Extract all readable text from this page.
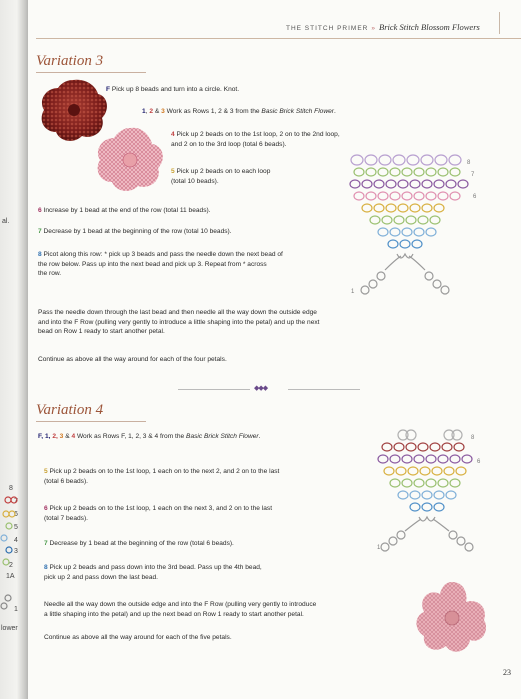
al.
8
7
6
5
4
3
2
1A
1
lower
THE STITCH PRIMER » Brick Stitch Blossom Flowers
Variation 3
F Pick up 8 beads and turn into a circle. Knot.
1, 2 & 3 Work as Rows 1, 2 & 3 from the Basic Brick Stitch Flower.
4 Pick up 2 beads on to the 1st loop, 2 on to the 2nd loop,
and 2 on to the 3rd loop (total 6 beads).
5 Pick up 2 beads on to each loop
(total 10 beads).
6 Increase by 1 bead at the end of the row (total 11 beads).
7 Decrease by 1 bead at the beginning of the row (total 10 beads).
8 Picot along this row: * pick up 3 beads and pass the needle down the next bead of
the row below. Pass up into the next bead and pick up 3. Repeat from * across
the row.
Pass the needle down through the last bead and then needle all the way down the outside edge
and into the F Row (pulling very gently to introduce a little shaping into the petal) and up the next
bead on Row 1 ready to start another petal.
Continue as above all the way around for each of the four petals.
8
7
6
1
◆◆◆
Variation 4
F, 1, 2, 3 & 4 Work as Rows F, 1, 2, 3 & 4 from the Basic Brick Stitch Flower.
5 Pick up 2 beads on to the 1st loop, 1 each on to the next 2, and 2 on to the last
(total 6 beads).
6 Pick up 2 beads on to the 1st loop, 1 each on the next 3, and 2 on to the last
(total 7 beads).
7 Decrease by 1 bead at the beginning of the row (total 6 beads).
8 Pick up 2 beads and pass down into the 3rd bead. Pass up the 4th bead,
pick up 2 and pass down the last bead.
Needle all the way down the outside edge and into the F Row (pulling very gently to introduce
a little shaping into the petal) and up the next bead on Row 1 ready to start another petal.
Continue as above all the way around for each of the five petals.
8
6
1
23
